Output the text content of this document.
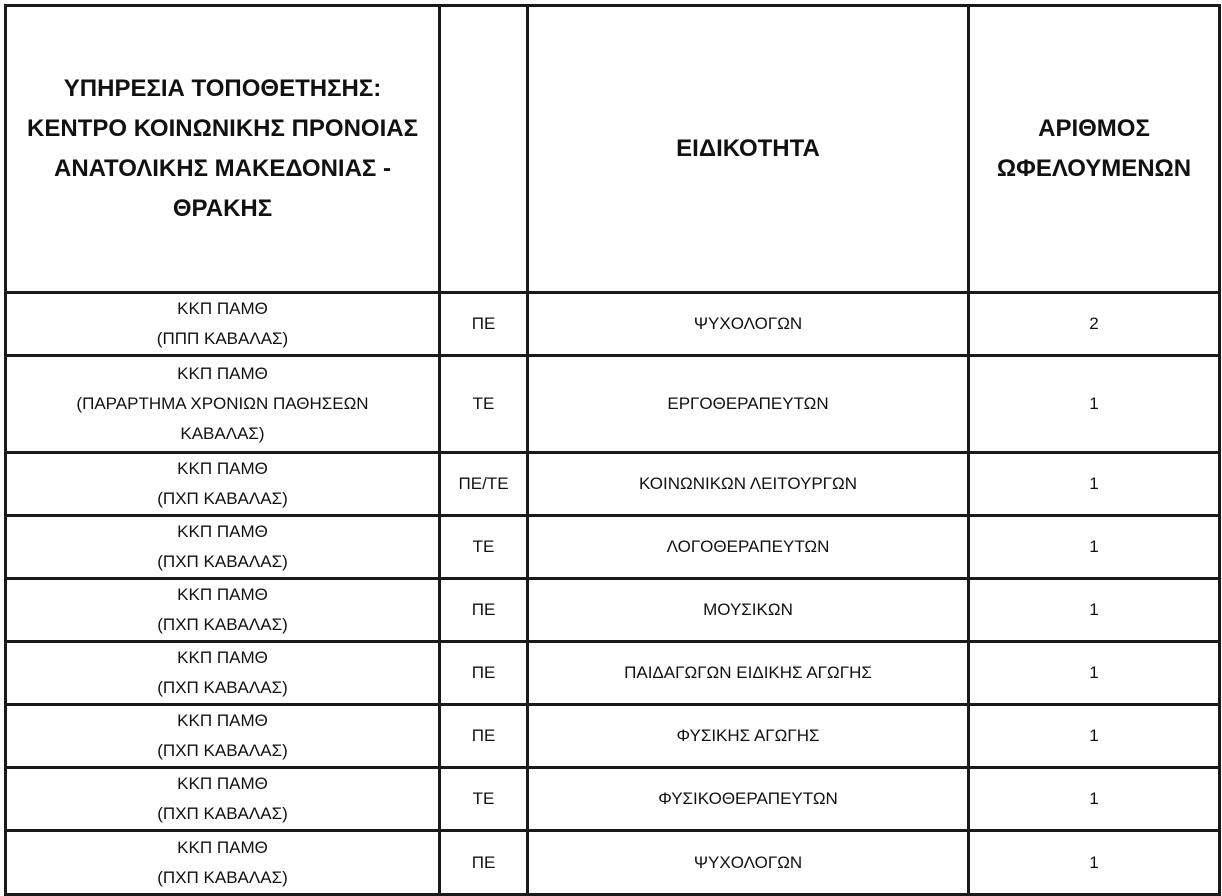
ΥΠΗΡΕΣΙΑ ΤΟΠΟΘΕΤΗΣΗΣ:
ΚΕΝΤΡΟ ΚΟΙΝΩΝΙΚΗΣ ΠΡΟΝΟΙΑΣ
ΑΝΑΤΟΛΙΚΗΣ ΜΑΚΕΔΟΝΙΑΣ -
ΘΡΑΚΗΣ		ΕΙΔΙΚΟΤΗΤΑ	ΑΡΙΘΜΟΣ
ΩΦΕΛΟΥΜΕΝΩΝ

ΚΚΠ ΠΑΜΘ
(ΠΠΠ ΚΑΒΑΛΑΣ)	ΠΕ	ΨΥΧΟΛΟΓΩΝ	2

ΚΚΠ ΠΑΜΘ
(ΠΑΡΑΡΤΗΜΑ ΧΡΟΝΙΩΝ ΠΑΘΗΣΕΩΝ
ΚΑΒΑΛΑΣ)	ΤΕ	ΕΡΓΟΘΕΡΑΠΕΥΤΩΝ	1

ΚΚΠ ΠΑΜΘ
(ΠΧΠ ΚΑΒΑΛΑΣ)	ΠΕ/ΤΕ	ΚΟΙΝΩΝΙΚΩΝ ΛΕΙΤΟΥΡΓΩΝ	1

ΚΚΠ ΠΑΜΘ
(ΠΧΠ ΚΑΒΑΛΑΣ)	ΤΕ	ΛΟΓΟΘΕΡΑΠΕΥΤΩΝ	1

ΚΚΠ ΠΑΜΘ
(ΠΧΠ ΚΑΒΑΛΑΣ)	ΠΕ	ΜΟΥΣΙΚΩΝ	1

ΚΚΠ ΠΑΜΘ
(ΠΧΠ ΚΑΒΑΛΑΣ)	ΠΕ	ΠΑΙΔΑΓΩΓΩΝ ΕΙΔΙΚΗΣ ΑΓΩΓΗΣ	1

ΚΚΠ ΠΑΜΘ
(ΠΧΠ ΚΑΒΑΛΑΣ)	ΠΕ	ΦΥΣΙΚΗΣ ΑΓΩΓΗΣ	1

ΚΚΠ ΠΑΜΘ
(ΠΧΠ ΚΑΒΑΛΑΣ)	ΤΕ	ΦΥΣΙΚΟΘΕΡΑΠΕΥΤΩΝ	1

ΚΚΠ ΠΑΜΘ
(ΠΧΠ ΚΑΒΑΛΑΣ)	ΠΕ	ΨΥΧΟΛΟΓΩΝ	1
